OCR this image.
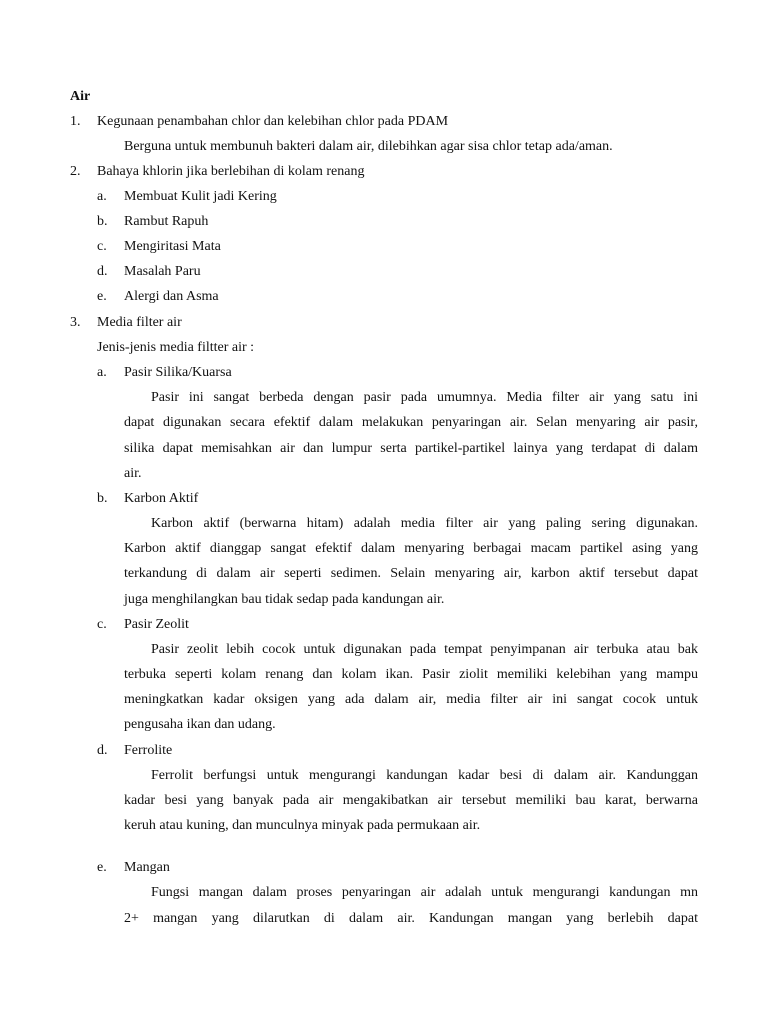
Air
1.	Kegunaan penambahan chlor dan kelebihan chlor pada PDAM
Berguna untuk membunuh bakteri dalam air, dilebihkan agar sisa chlor tetap ada/aman.
2.	Bahaya khlorin jika berlebihan di kolam renang
a.	Membuat Kulit jadi Kering
b.	Rambut Rapuh
c.	Mengiritasi Mata
d.	Masalah Paru
e.	Alergi dan Asma
3.	Media filter air
Jenis-jenis media filtter air :
a.	Pasir Silika/Kuarsa
Pasir ini sangat berbeda dengan pasir pada umumnya. Media filter air yang satu ini
dapat digunakan secara efektif dalam melakukan penyaringan air. Selan menyaring air pasir,
silika dapat memisahkan air dan lumpur serta partikel-partikel lainya yang terdapat di dalam
air.
b.	Karbon Aktif
Karbon aktif (berwarna hitam) adalah media filter air yang paling sering digunakan.
Karbon aktif dianggap sangat efektif dalam menyaring berbagai macam partikel asing yang
terkandung di dalam air seperti sedimen. Selain menyaring air, karbon aktif tersebut dapat
juga menghilangkan bau tidak sedap pada kandungan air.
c.	Pasir Zeolit
Pasir zeolit lebih cocok untuk digunakan pada tempat penyimpanan air terbuka atau bak
terbuka seperti kolam renang dan kolam ikan. Pasir ziolit memiliki kelebihan yang mampu
meningkatkan kadar oksigen yang ada dalam air, media filter air ini sangat cocok untuk
pengusaha ikan dan udang.
d.	Ferrolite
Ferrolit berfungsi untuk mengurangi kandungan kadar besi di dalam air. Kandunggan
kadar besi yang banyak pada air mengakibatkan air tersebut memiliki bau karat, berwarna
keruh atau kuning, dan munculnya minyak pada permukaan air.
e.	Mangan
Fungsi mangan dalam proses penyaringan air adalah untuk mengurangi kandungan mn
2+ mangan yang dilarutkan di dalam air. Kandungan mangan yang berlebih dapat
